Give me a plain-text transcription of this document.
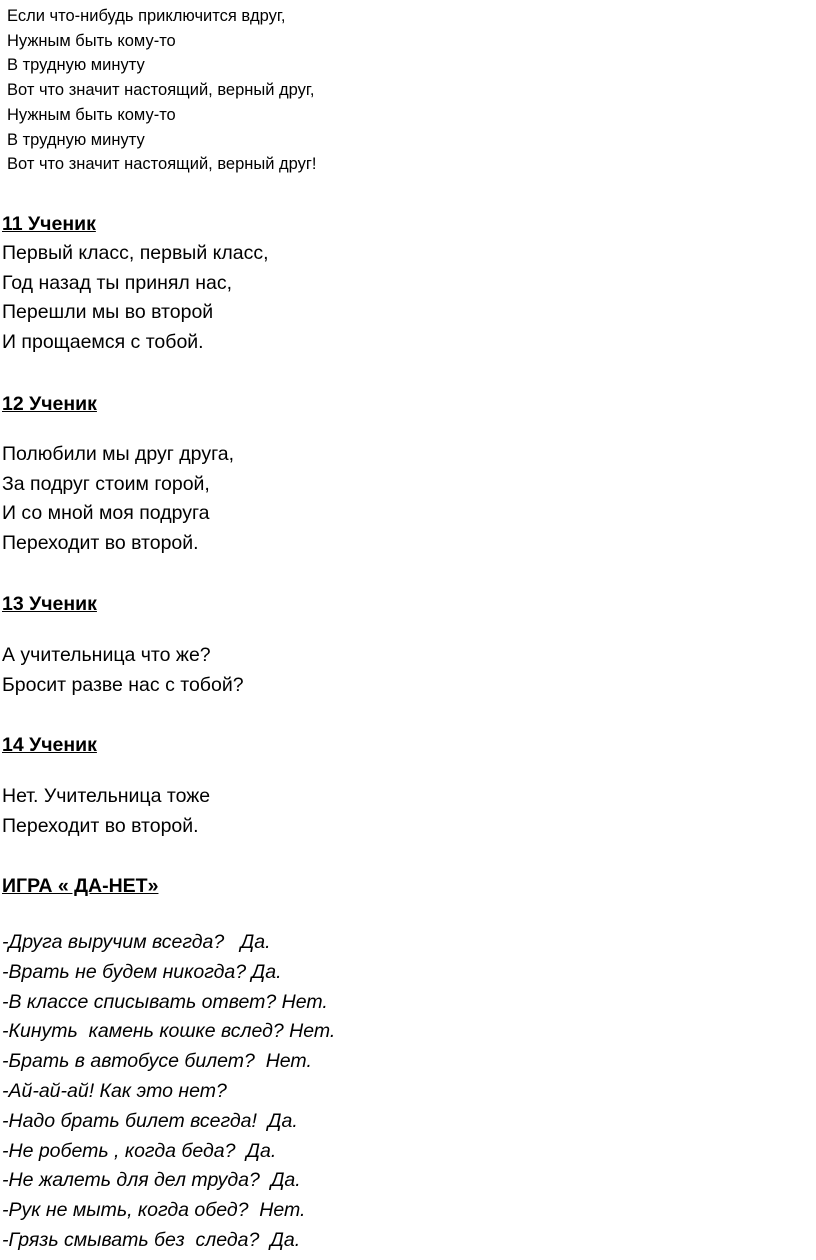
Если что-нибудь приключится вдруг,
Нужным быть кому-то
В трудную минуту
Вот что значит настоящий, верный друг,
Нужным быть кому-то
В трудную минуту
Вот что значит настоящий, верный друг!
11 Ученик
Первый класс, первый класс,
Год назад ты принял нас,
Перешли мы во второй
И прощаемся с тобой.
12 Ученик
Полюбили мы друг друга,
За подруг стоим горой,
И со мной моя подруга
Переходит во второй.
13 Ученик
А учительница что же?
Бросит разве нас с тобой?
14 Ученик
Нет. Учительница тоже
Переходит во второй.
ИГРА « ДА-НЕТ»
-Друга выручим всегда?   Да.
-Врать не будем никогда? Да.
-В классе списывать ответ? Нет.
-Кинуть  камень кошке вслед? Нет.
-Брать в автобусе билет?  Нет.
-Ай-ай-ай! Как это нет?
-Надо брать билет всегда!  Да.
-Не робеть , когда беда?  Да.
-Не жалеть для дел труда?  Да.
-Рук не мыть, когда обед?  Нет.
-Грязь смывать без  следа?  Да.
